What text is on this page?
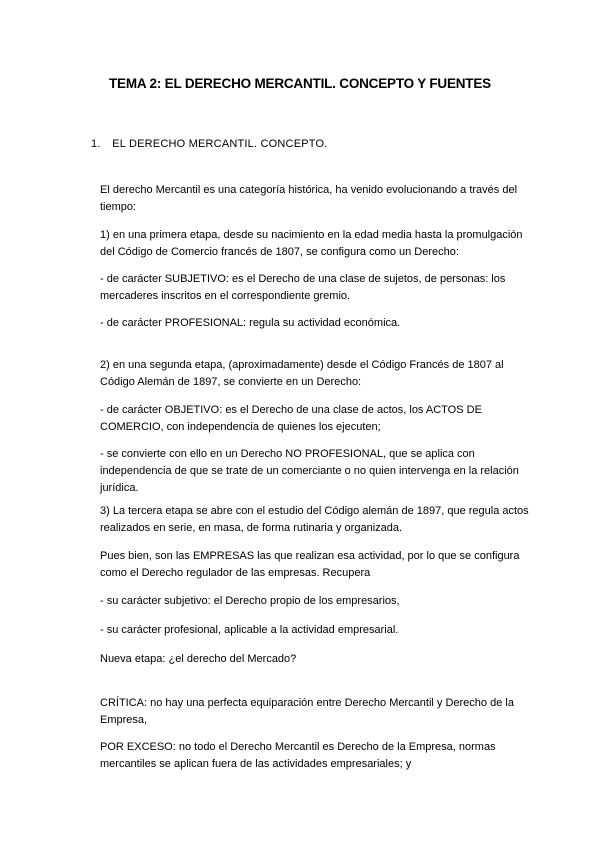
TEMA 2: EL DERECHO MERCANTIL. CONCEPTO Y FUENTES
1. EL DERECHO MERCANTIL. CONCEPTO.

El derecho Mercantil es una categoría histórica, ha venido evolucionando a través del tiempo:

1) en una primera etapa, desde su nacimiento en la edad media hasta la promulgación del Código de Comercio francés de 1807, se configura como un Derecho:

- de carácter SUBJETIVO: es el Derecho de una clase de sujetos, de personas: los mercaderes inscritos en el correspondiente gremio.

- de carácter PROFESIONAL: regula su actividad económica.

2) en una segunda etapa, (aproximadamente) desde el Código Francés de 1807 al Código Alemán de 1897, se convierte en un Derecho:

- de carácter OBJETIVO: es el Derecho de una clase de actos, los ACTOS DE COMERCIO, con independencia de quienes los ejecuten;

- se convierte con ello en un Derecho NO PROFESIONAL, que se aplica con independencia de que se trate de un comerciante o no quien intervenga en la relación jurídica.

3) La tercera etapa se abre con el estudio del Código alemán de 1897, que regula actos realizados en serie, en masa, de forma rutinaria y organizada.

Pues bien, son las EMPRESAS las que realizan esa actividad, por lo que se configura como el Derecho regulador de las empresas. Recupera

- su carácter subjetivo: el Derecho propio de los empresarios,

- su carácter profesional, aplicable a la actividad empresarial.

Nueva etapa: ¿el derecho del Mercado?

CRÍTICA: no hay una perfecta equiparación entre Derecho Mercantil y Derecho de la Empresa,

POR EXCESO: no todo el Derecho Mercantil es Derecho de la Empresa, normas mercantiles se aplican fuera de las actividades empresariales; y
